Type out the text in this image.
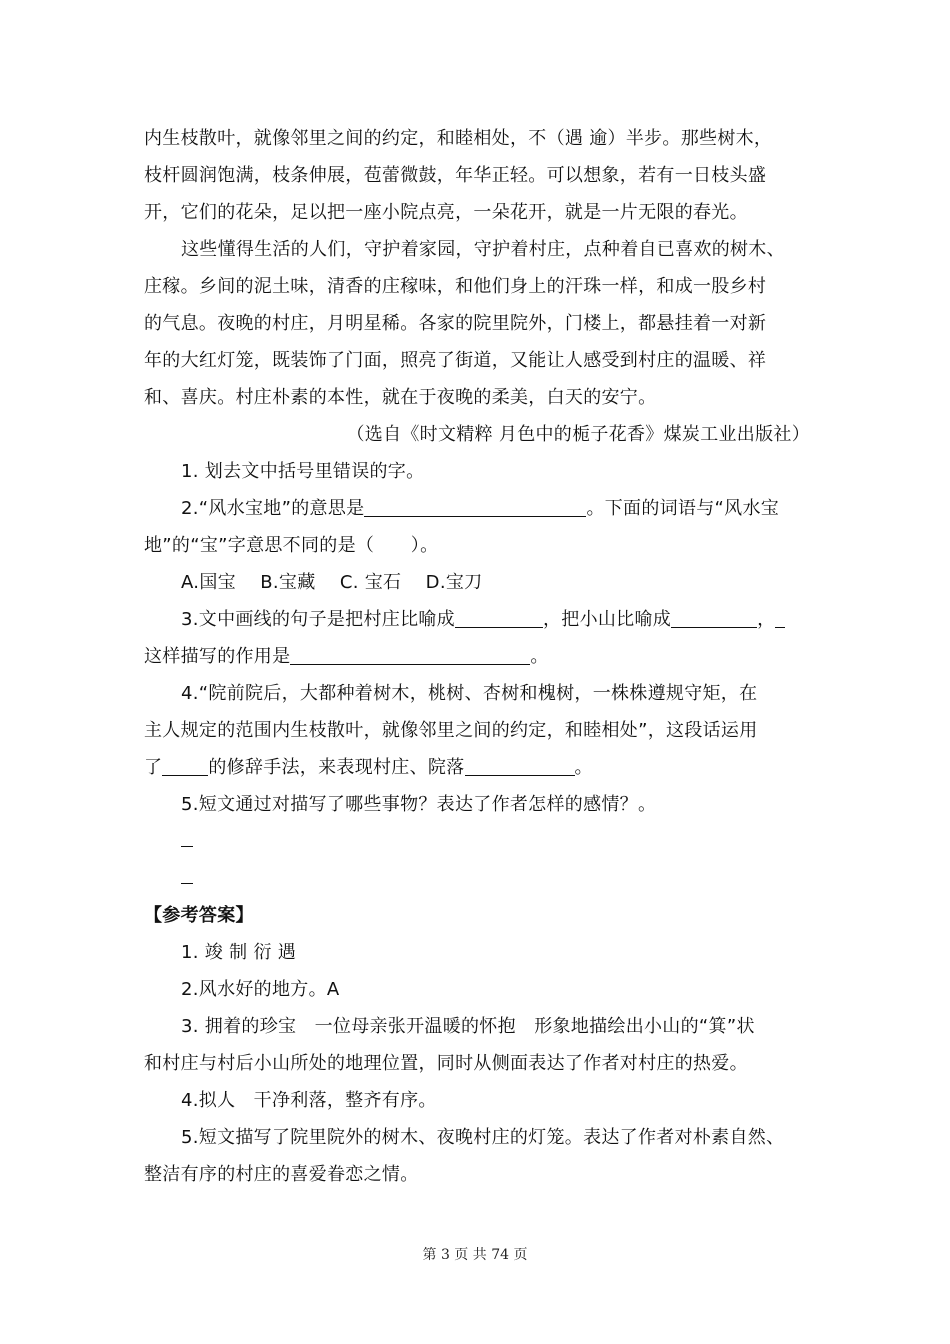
内生枝散叶，就像邻里之间的约定，和睦相处，不（遇 逾）半步。那些树木，
枝杆圆润饱满，枝条伸展，苞蕾微鼓，年华正轻。可以想象，若有一日枝头盛
开，它们的花朵，足以把一座小院点亮，一朵花开，就是一片无限的春光。
这些懂得生活的人们，守护着家园，守护着村庄，点种着自已喜欢的树木、
庄稼。乡间的泥土味，清香的庄稼味，和他们身上的汗珠一样，和成一股乡村
的气息。夜晚的村庄，月明星稀。各家的院里院外，门楼上，都悬挂着一对新
年的大红灯笼，既装饰了门面，照亮了街道，又能让人感受到村庄的温暖、祥
和、喜庆。村庄朴素的本性，就在于夜晚的柔美，白天的安宁。
（选自《时文精粹 月色中的栀子花香》煤炭工业出版社）
1. 划去文中括号里错误的字。
2.“风水宝地”的意思是	。下面的词语与“风水宝
地”的“宝”字意思不同的是（　　）。
A.国宝　 B.宝藏　 C. 宝石　 D.宝刀
3.文中画线的句子是把村庄比喻成	，把小山比喻成	，
这样描写的作用是	。
4.“院前院后，大都种着树木，桃树、杏树和槐树，一株株遵规守矩，在
主人规定的范围内生枝散叶，就像邻里之间的约定，和睦相处”，这段话运用
了	的修辞手法，来表现村庄、院落	。
5.短文通过对描写了哪些事物？表达了作者怎样的感情？。
【参考答案】
1. 竣 制 衍 遇
2.风水好的地方。A
3. 拥着的珍宝　一位母亲张开温暖的怀抱　形象地描绘出小山的“箕”状
和村庄与村后小山所处的地理位置，同时从侧面表达了作者对村庄的热爱。
4.拟人　干净利落，整齐有序。
5.短文描写了院里院外的树木、夜晚村庄的灯笼。表达了作者对朴素自然、
整洁有序的村庄的喜爱眷恋之情。
第 3 页 共 74 页
